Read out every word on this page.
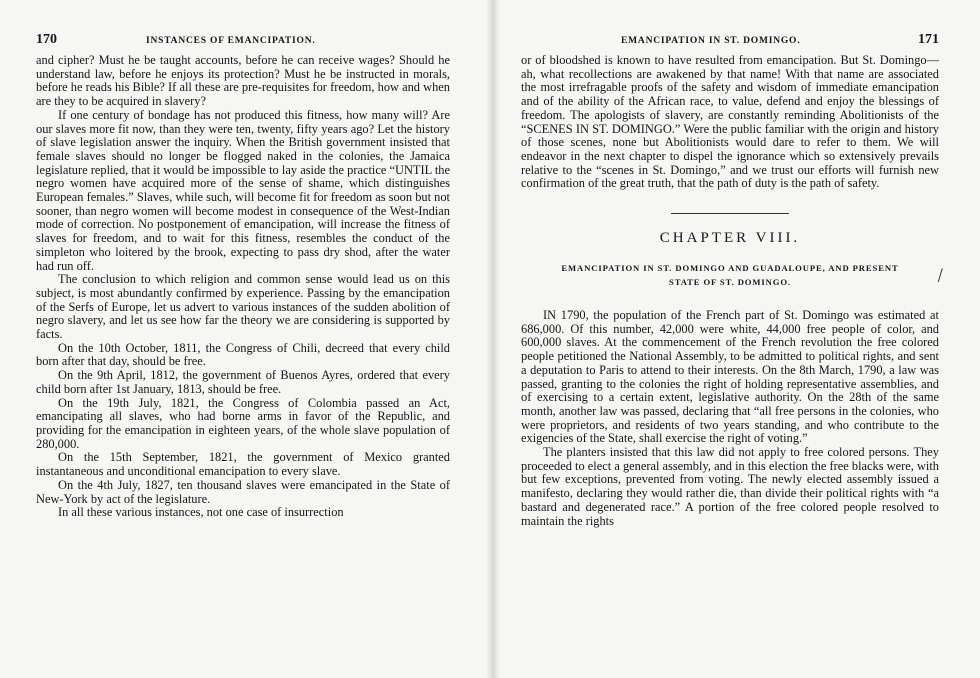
170	INSTANCES OF EMANCIPATION.

and cipher? Must he be taught accounts, before he can receive wages? Should he understand law, before he enjoys its protection? Must he be instructed in morals, before he reads his Bible? If all these are pre-requisites for freedom, how and when are they to be acquired in slavery?

If one century of bondage has not produced this fitness, how many will? Are our slaves more fit now, than they were ten, twenty, fifty years ago? Let the history of slave legislation answer the inquiry. When the British government insisted that female slaves should no longer be flogged naked in the colonies, the Jamaica legislature replied, that it would be impossible to lay aside the practice “UNTIL the negro women have acquired more of the sense of shame, which distinguishes European females.” Slaves, while such, will become fit for freedom as soon but not sooner, than negro women will become modest in consequence of the West-Indian mode of correction. No postponement of emancipation, will increase the fitness of slaves for freedom, and to wait for this fitness, resembles the conduct of the simpleton who loitered by the brook, expecting to pass dry shod, after the water had run off.

The conclusion to which religion and common sense would lead us on this subject, is most abundantly confirmed by experience. Passing by the emancipation of the Serfs of Europe, let us advert to various instances of the sudden abolition of negro slavery, and let us see how far the theory we are considering is supported by facts.

On the 10th October, 1811, the Congress of Chili, decreed that every child born after that day, should be free.

On the 9th April, 1812, the government of Buenos Ayres, ordered that every child born after 1st January, 1813, should be free.

On the 19th July, 1821, the Congress of Colombia passed an Act, emancipating all slaves, who had borne arms in favor of the Republic, and providing for the emancipation in eighteen years, of the whole slave population of 280,000.

On the 15th September, 1821, the government of Mexico granted instantaneous and unconditional emancipation to every slave.

On the 4th July, 1827, ten thousand slaves were emancipated in the State of New-York by act of the legislature.

In all these various instances, not one case of insurrection

EMANCIPATION IN ST. DOMINGO.	171

or of bloodshed is known to have resulted from emancipation. But St. Domingo—ah, what recollections are awakened by that name! With that name are associated the most irrefragable proofs of the safety and wisdom of immediate emancipation and of the ability of the African race, to value, defend and enjoy the blessings of freedom. The apologists of slavery, are constantly reminding Abolitionists of the “SCENES IN ST. DOMINGO.” Were the public familiar with the origin and history of those scenes, none but Abolitionists would dare to refer to them. We will endeavor in the next chapter to dispel the ignorance which so extensively prevails relative to the “scenes in St. Domingo,” and we trust our efforts will furnish new confirmation of the great truth, that the path of duty is the path of safety.

CHAPTER VIII.
EMANCIPATION IN ST. DOMINGO AND GUADALOUPE, AND PRESENT
STATE OF ST. DOMINGO.

IN 1790, the population of the French part of St. Domingo was estimated at 686,000. Of this number, 42,000 were white, 44,000 free people of color, and 600,000 slaves. At the commencement of the French revolution the free colored people petitioned the National Assembly, to be admitted to political rights, and sent a deputation to Paris to attend to their interests. On the 8th March, 1790, a law was passed, granting to the colonies the right of holding representative assemblies, and of exercising to a certain extent, legislative authority. On the 28th of the same month, another law was passed, declaring that “all free persons in the colonies, who were proprietors, and residents of two years standing, and who contribute to the exigencies of the State, shall exercise the right of voting.”

The planters insisted that this law did not apply to free colored persons. They proceeded to elect a general assembly, and in this election the free blacks were, with but few exceptions, prevented from voting. The newly elected assembly issued a manifesto, declaring they would rather die, than divide their political rights with “a bastard and degenerated race.” A portion of the free colored people resolved to maintain the rights

⁄
